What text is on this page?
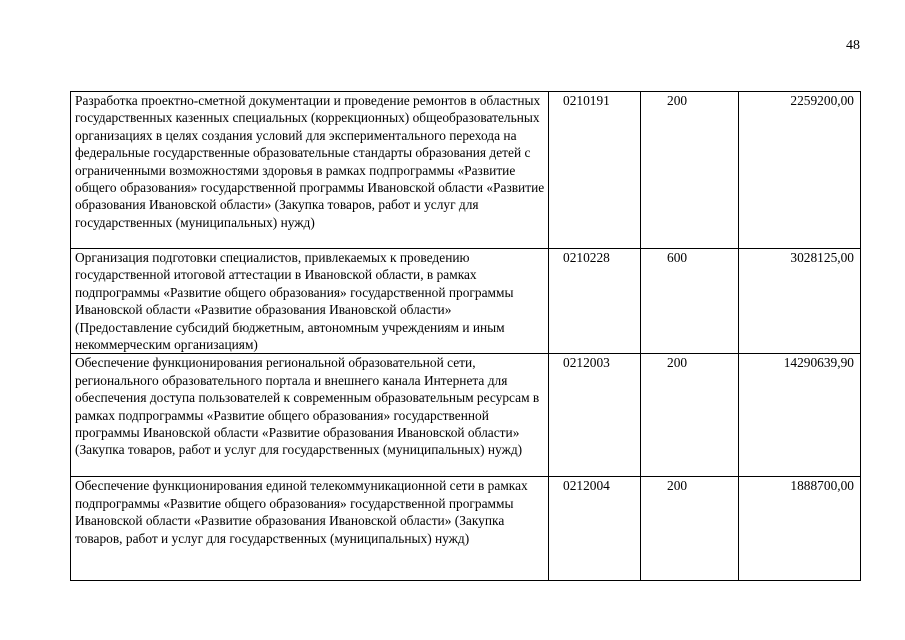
48
Разработка проектно-сметной документации и проведение ремонтов в областных государственных казенных специальных (коррекционных) общеобразовательных организациях в целях создания условий для экспериментального перехода на федеральные государственные образовательные стандарты образования детей с ограниченными возможностями здоровья в рамках подпрограммы «Развитие общего образования» государственной программы Ивановской области «Развитие образования Ивановской области» (Закупка товаров, работ и услуг для государственных (муниципальных) нужд)	0210191	200	2259200,00
Организация подготовки специалистов, привлекаемых к проведению государственной итоговой аттестации в Ивановской области, в рамках подпрограммы «Развитие общего образования» государственной программы Ивановской области «Развитие образования Ивановской области» (Предоставление субсидий бюджетным, автономным учреждениям и иным некоммерческим организациям)	0210228	600	3028125,00
Обеспечение функционирования региональной образовательной сети, регионального образовательного портала и внешнего канала Интернета для обеспечения доступа пользователей к современным образовательным ресурсам в рамках подпрограммы «Развитие общего образования» государственной программы Ивановской области «Развитие образования Ивановской области» (Закупка товаров, работ и услуг для государственных (муниципальных) нужд)	0212003	200	14290639,90
Обеспечение функционирования единой телекоммуникационной сети в рамках подпрограммы «Развитие общего образования» государственной программы Ивановской области «Развитие образования Ивановской области» (Закупка товаров, работ и услуг для государственных (муниципальных) нужд)	0212004	200	1888700,00
